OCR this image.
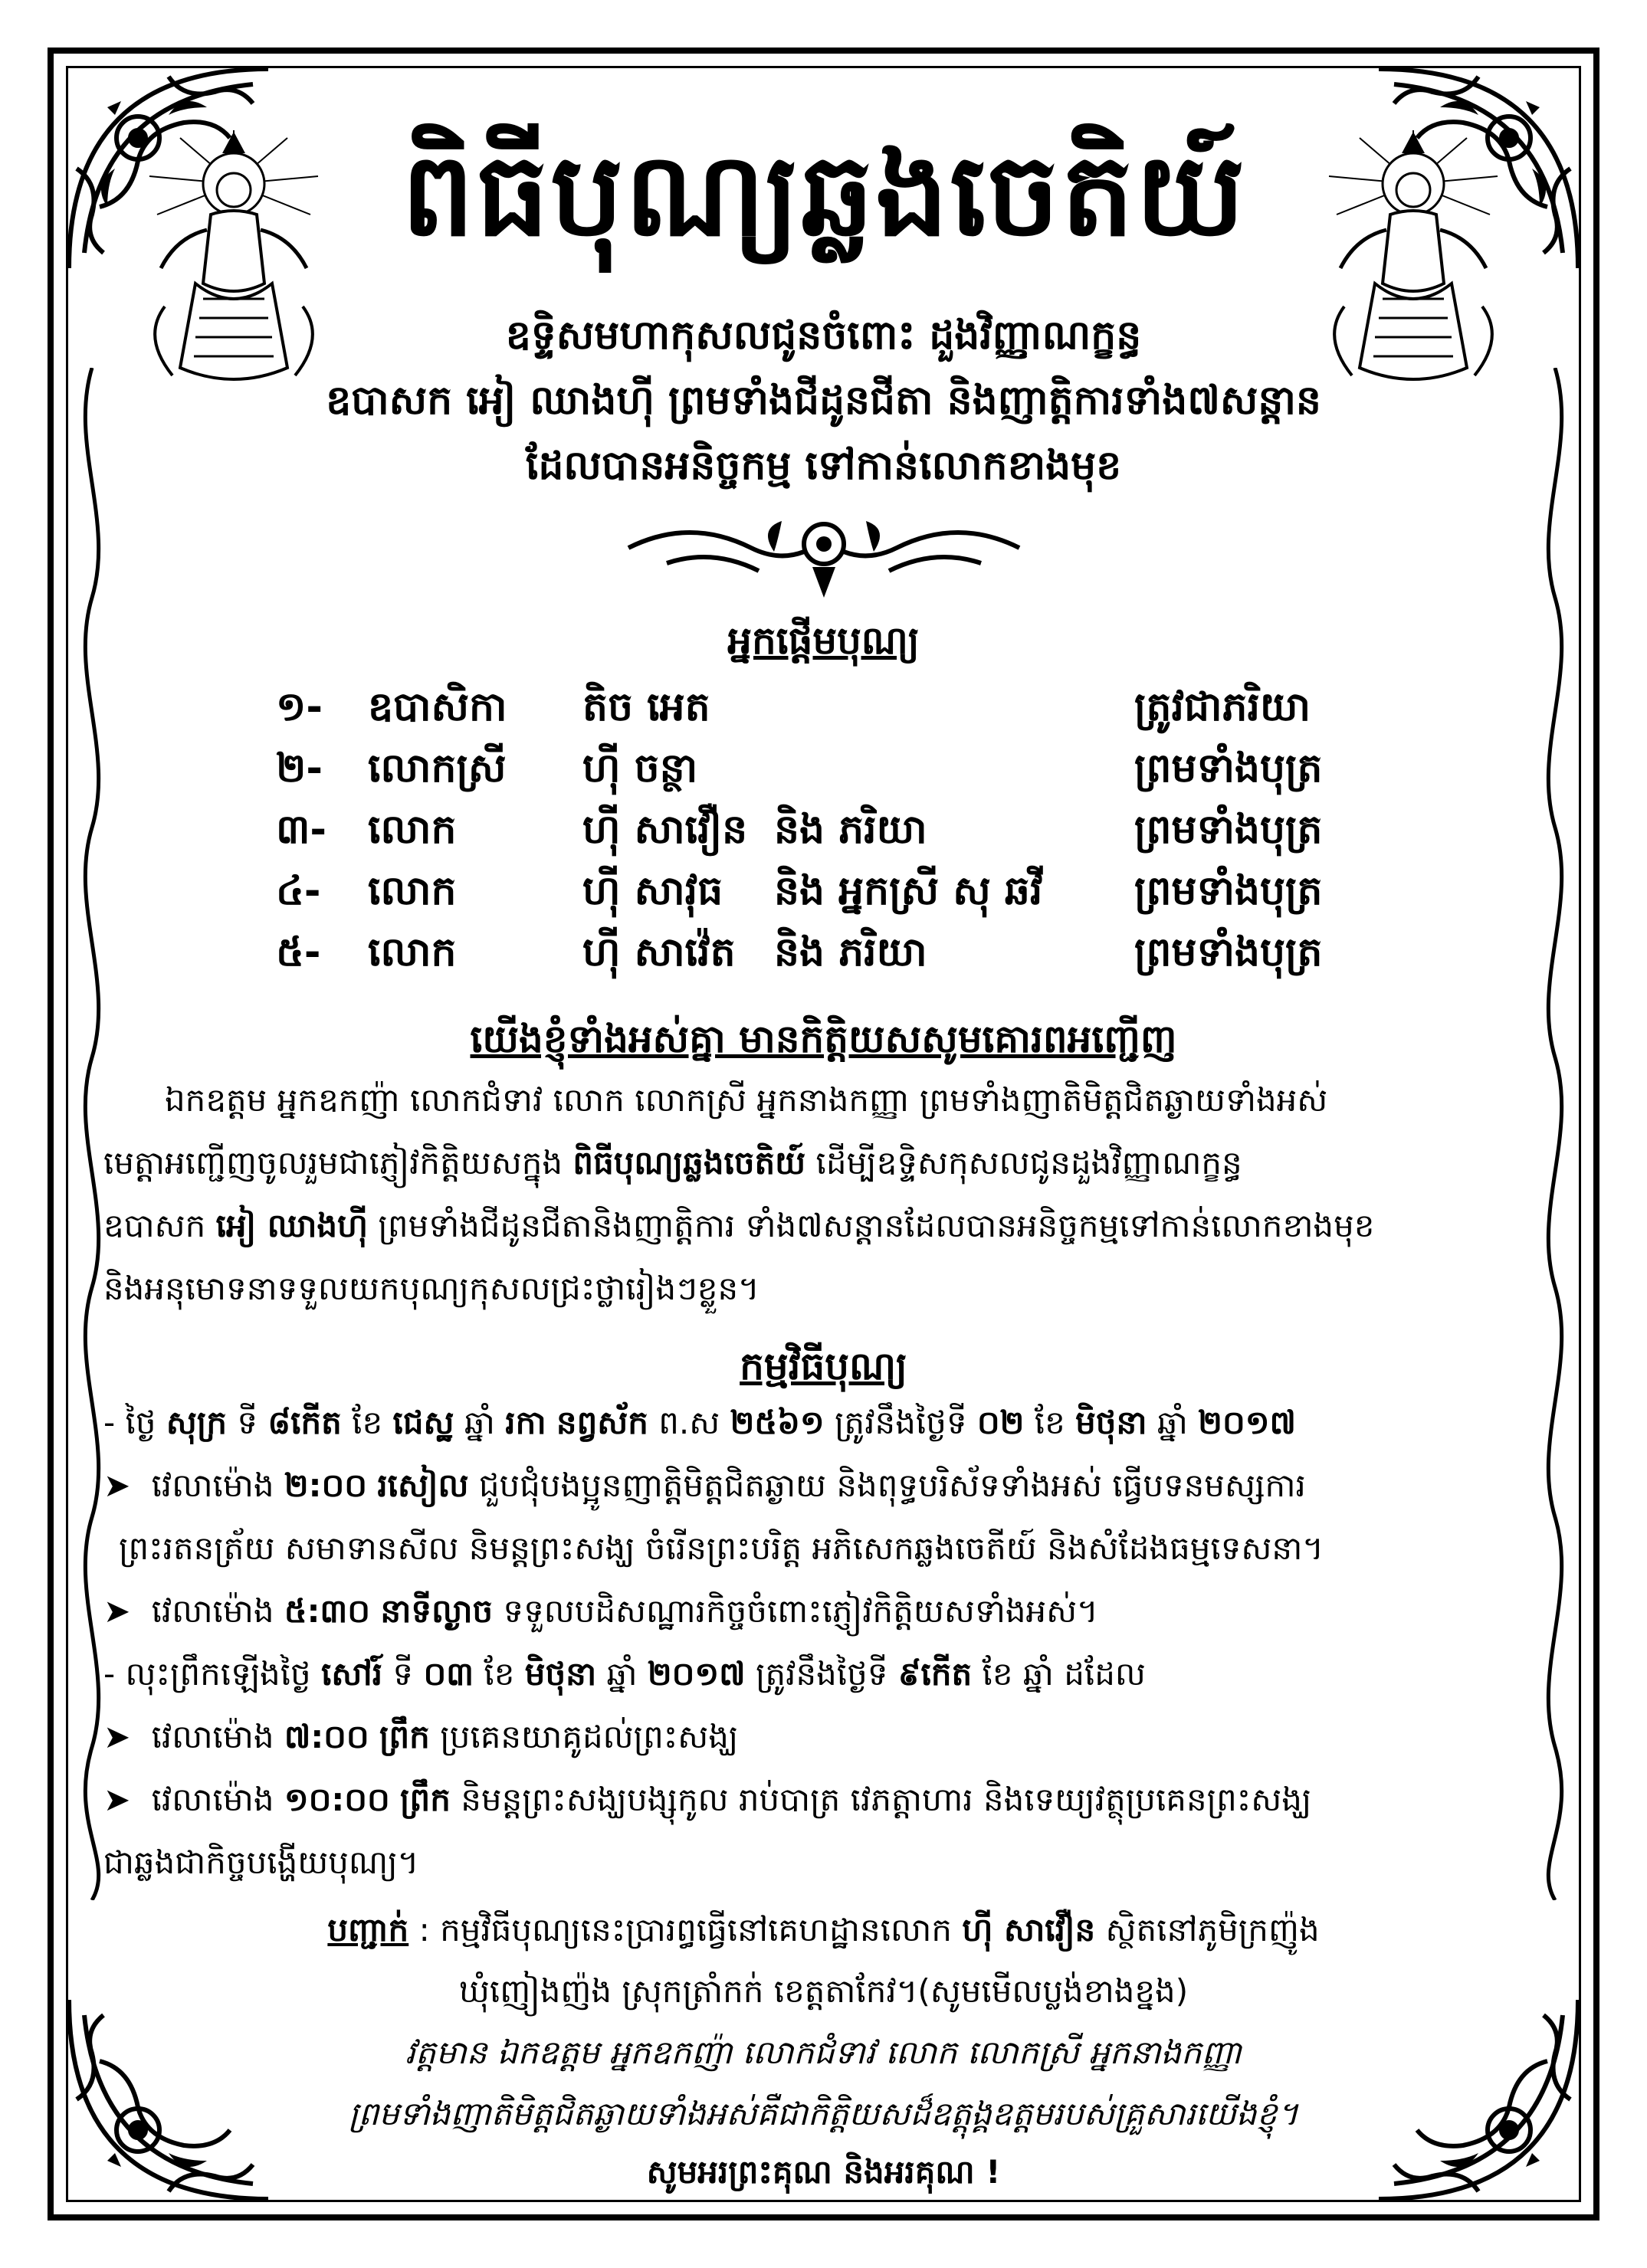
ពិធីបុណ្យឆ្លងចេតិយ៍
ឧទ្ទិសមហាកុសលជូនចំពោះ ដួងវិញ្ញាណក្ខន្ធ
ឧបាសក អៀ ឈាងហ៊ី ព្រមទាំងជីដូនជីតា និងញាត្តិការទាំង៧សន្តាន
ដែលបានអនិច្ចកម្ម ទៅកាន់លោកខាងមុខ
អ្នកផ្ដើមបុណ្យ
១- ឧបាសិកា តិច អេត	ត្រូវជាភរិយា
២- លោកស្រី ហ៊ី ចន្ថា	ព្រមទាំងបុត្រ
៣- លោក	ហ៊ី សាវឿន និង ភរិយា	ព្រមទាំងបុត្រ
៤- លោក	ហ៊ី សាវុធ និង អ្នកស្រី សុ ឆវី ព្រមទាំងបុត្រ
៥- លោក	ហ៊ី សាវ៉េត និង ភរិយា	ព្រមទាំងបុត្រ
យើងខ្ញុំទាំងអស់គ្នា មានកិត្តិយសសូមគោរពអញ្ជើញ
ឯកឧត្តម អ្នកឧកញ៉ា លោកជំទាវ លោក លោកស្រី អ្នកនាងកញ្ញា ព្រមទាំងញាតិមិត្តជិតឆ្ងាយទាំងអស់
មេត្តាអញ្ជើញចូលរួមជាភ្ញៀវកិត្តិយសក្នុង ពិធីបុណ្យឆ្លងចេតិយ៍ ដើម្បីឧទ្ទិសកុសលជូនដួងវិញ្ញាណក្ខន្ធ
ឧបាសក អៀ ឈាងហ៊ី ព្រមទាំងជីដូនជីតានិងញាត្តិការ ទាំង៧សន្តានដែលបានអនិច្ចកម្មទៅកាន់លោកខាងមុខ
និងអនុមោទនាទទួលយកបុណ្យកុសលជ្រះថ្លារៀងៗខ្លួន។
កម្មវិធីបុណ្យ
- ថ្ងៃ សុក្រ ទី ៨កើត ខែ ជេស្ឋ ឆ្នាំ រកា នព្វស័ក ព.ស ២៥៦១ ត្រូវនឹងថ្ងៃទី ០២ ខែ មិថុនា ឆ្នាំ ២០១៧
➤ វេលាម៉ោង ២:០០ រសៀល ជួបជុំបងប្អូនញាត្តិមិត្តជិតឆ្ងាយ និងពុទ្ធបរិស័ទទាំងអស់ ធ្វើបទនមស្សការ
ព្រះរតនត្រ័យ សមាទានសីល និមន្តព្រះសង្ឃ ចំរើនព្រះបរិត្ត អភិសេកឆ្លងចេតីយ៍ និងសំដែងធម្មទេសនា។
➤ វេលាម៉ោង ៥:៣០ នាទីល្ងាច ទទួលបដិសណ្ឋារកិច្ចចំពោះភ្ញៀវកិត្តិយសទាំងអស់។
- លុះព្រឹកឡើងថ្ងៃ សៅរ៍ ទី ០៣ ខែ មិថុនា ឆ្នាំ ២០១៧ ត្រូវនឹងថ្ងៃទី ៩កើត ខែ ឆ្នាំ ដដែល
➤ វេលាម៉ោង ៧:០០ ព្រឹក ប្រគេនយាគូដល់ព្រះសង្ឃ
➤ វេលាម៉ោង ១០:០០ ព្រឹក និមន្តព្រះសង្ឃបង្សុកូល រាប់បាត្រ វេភត្តាហារ និងទេយ្យវត្ថុប្រគេនព្រះសង្ឃ
ជាឆ្លងជាកិច្ចបង្ហើយបុណ្យ។
បញ្ជាក់ : កម្មវិធីបុណ្យនេះប្រារព្ធធ្វើនៅគេហដ្ឋានលោក ហ៊ី សាវឿន ស្ថិតនៅភូមិក្រញ៉ូង
ឃុំញៀងញ៉ង ស្រុកត្រាំកក់ ខេត្តតាកែវ។(សូមមើលប្លង់ខាងខ្នង)
វត្តមាន ឯកឧត្តម អ្នកឧកញ៉ា លោកជំទាវ លោក លោកស្រី អ្នកនាងកញ្ញា
ព្រមទាំងញាតិមិត្តជិតឆ្ងាយទាំងអស់គឺជាកិត្តិយសដ៏ឧត្តុង្គឧត្តមរបស់គ្រួសារយើងខ្ញុំ។
សូមអរព្រះគុណ និងអរគុណ !
